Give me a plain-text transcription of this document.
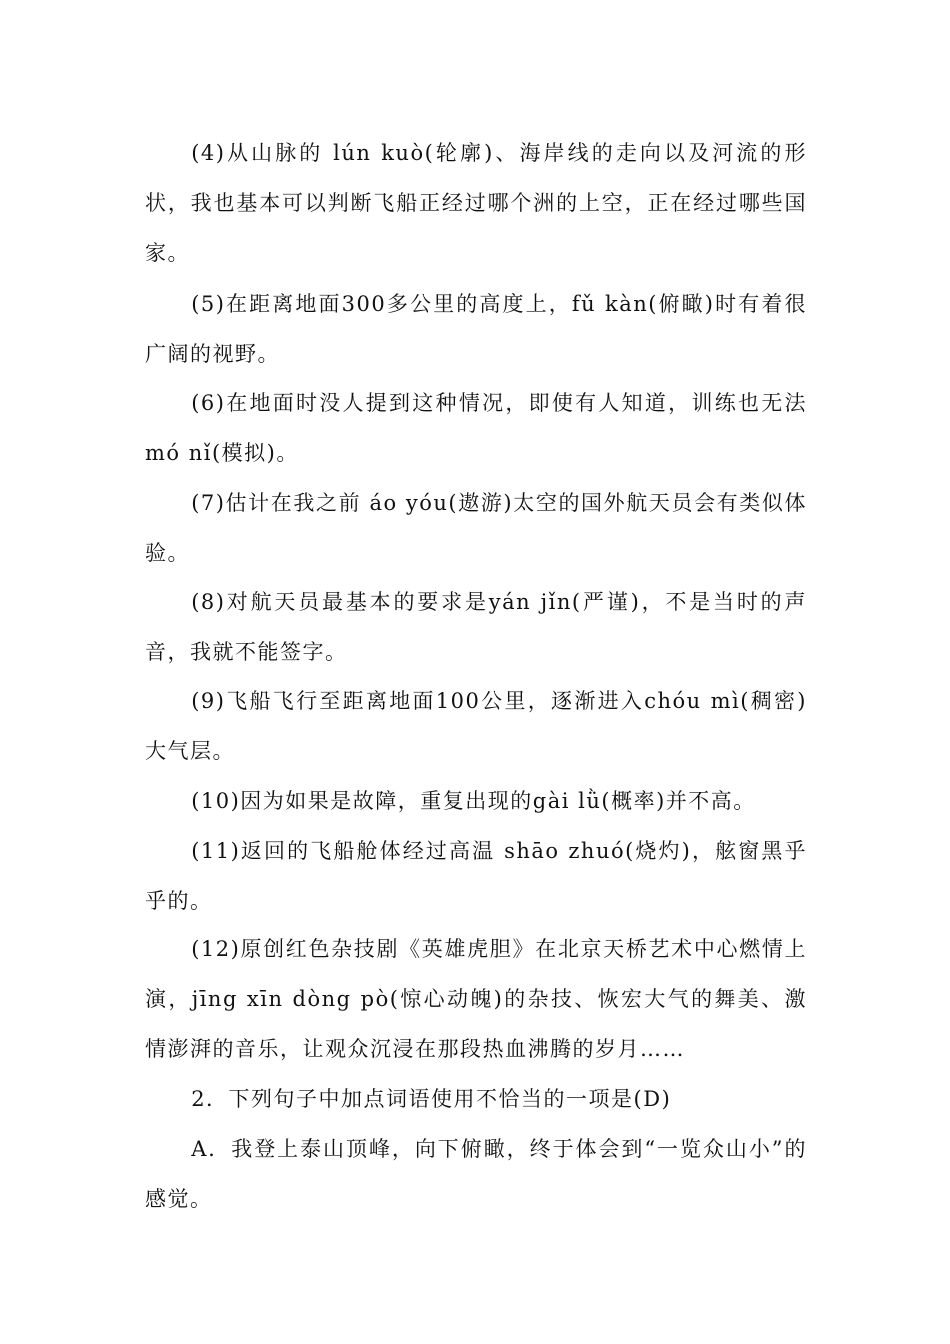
(4)从山脉的 lún kuò(轮廓)、海岸线的走向以及河流的形状，我也基本可以判断飞船正经过哪个洲的上空，正在经过哪些国家。

(5)在距离地面300多公里的高度上，fǔ kàn(俯瞰)时有着很广阔的视野。

(6)在地面时没人提到这种情况，即使有人知道，训练也无法mó nǐ(模拟)。

(7)估计在我之前 áo yóu(遨游)太空的国外航天员会有类似体验。

(8)对航天员最基本的要求是yán jǐn(严谨)，不是当时的声音，我就不能签字。

(9)飞船飞行至距离地面100公里，逐渐进入chóu mì(稠密)大气层。

(10)因为如果是故障，重复出现的gài lǜ(概率)并不高。

(11)返回的飞船舱体经过高温 shāo zhuó(烧灼)，舷窗黑乎乎的。

(12)原创红色杂技剧《英雄虎胆》在北京天桥艺术中心燃情上演，jīng xīn dòng pò(惊心动魄)的杂技、恢宏大气的舞美、激情澎湃的音乐，让观众沉浸在那段热血沸腾的岁月……

2．下列句子中加点词语使用不恰当的一项是(D)

A．我登上泰山顶峰，向下俯瞰，终于体会到“一览众山小”的感觉。
